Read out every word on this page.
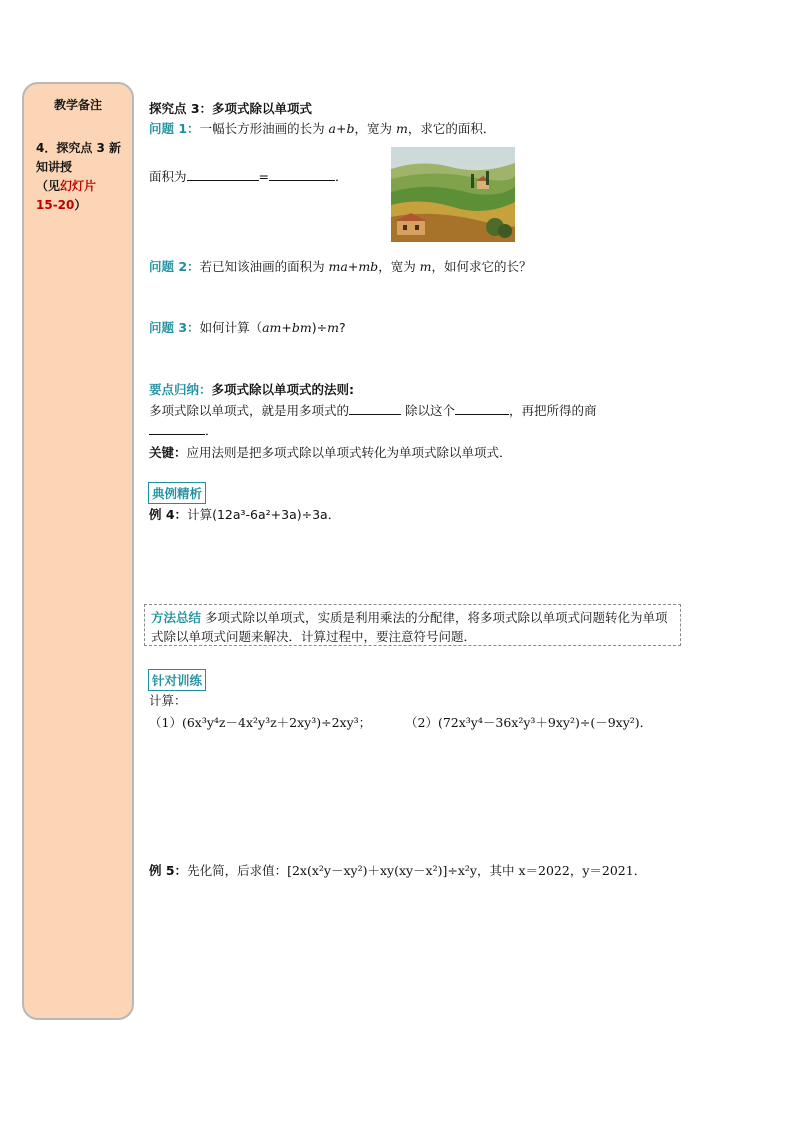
教学备注
4．探究点 3 新知讲授
（见幻灯片
15-20）
探究点 3：多项式除以单项式
问题 1：一幅长方形油画的长为 a+b，宽为 m，求它的面积．
面积为	=	．
问题 2：若已知该油画的面积为 ma+mb，宽为 m，如何求它的长？
问题 3：如何计算（am+bm)÷m?
要点归纳：多项式除以单项式的法则:
多项式除以单项式，就是用多项式的	除以这个	，再把所得的商
．
关键：应用法则是把多项式除以单项式转化为单项式除以单项式．
典例精析
例 4：计算(12a³-6a²+3a)÷3a．
方法总结 多项式除以单项式，实质是利用乘法的分配律，将多项式除以单项式问题转化为单项式除以单项式问题来解决．计算过程中，要注意符号问题．
针对训练
计算：
（1）(6x³y⁴z－4x²y³z＋2xy³)÷2xy³；	（2）(72x³y⁴－36x²y³＋9xy²)÷(－9xy²)．
例 5：先化简，后求值：[2x(x²y－xy²)＋xy(xy－x²)]÷x²y，其中 x＝2022，y＝2021．
